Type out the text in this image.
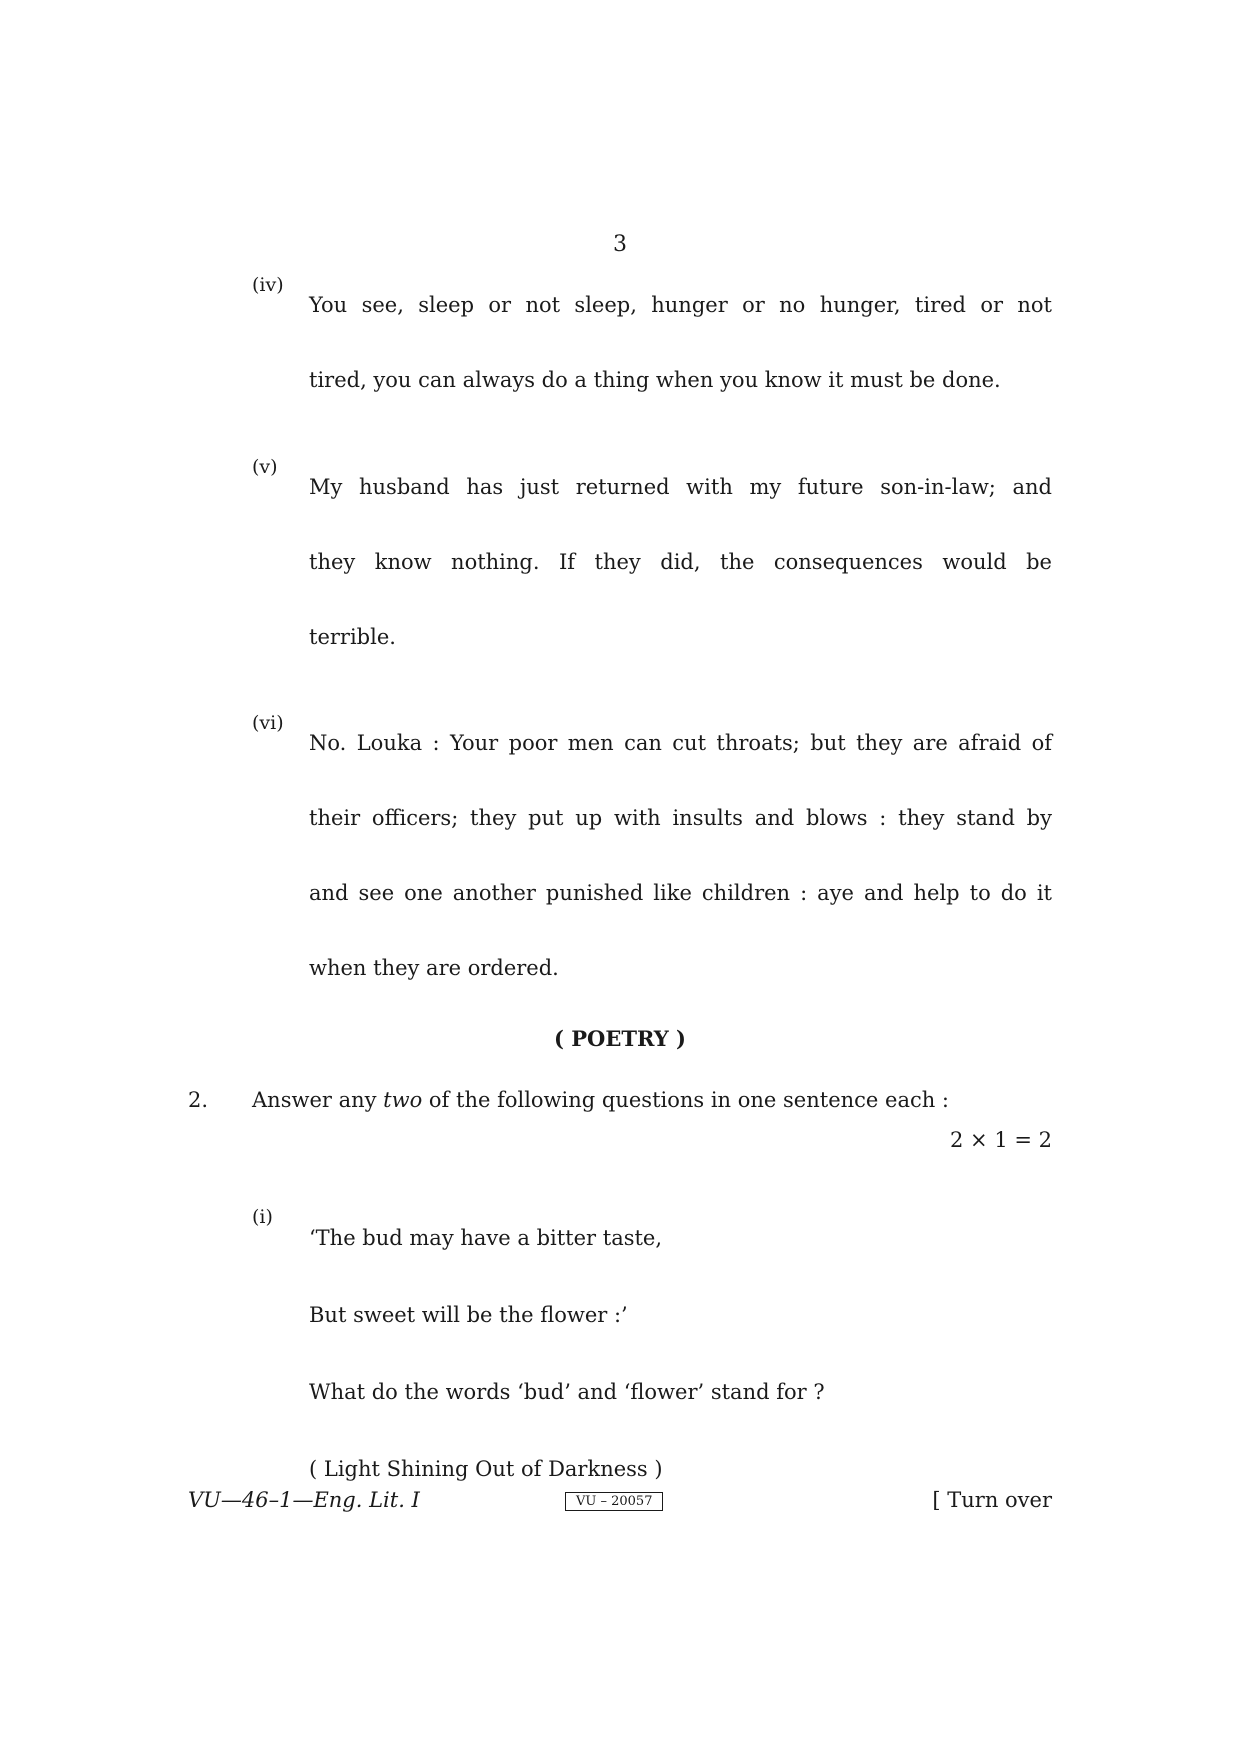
3
(iv)
You see, sleep or not sleep, hunger or no hunger, tired or not
tired, you can always do a thing when you know it must be done.
(v)
My husband has just returned with my future son-in-law; and
they know nothing. If they did, the consequences would be
terrible.
(vi)
No. Louka : Your poor men can cut throats; but they are afraid of
their officers; they put up with insults and blows : they stand by
and see one another punished like children : aye and help to do it
when they are ordered.
( POETRY )
2. Answer any two of the following questions in one sentence each :
2 × 1 = 2
(i)
‘The bud may have a bitter taste,
But sweet will be the flower :’
What do the words ‘bud’ and ‘flower’ stand for ?
( Light Shining Out of Darkness )
VU—46–1—Eng. Lit. I	VU – 20057	[ Turn over
